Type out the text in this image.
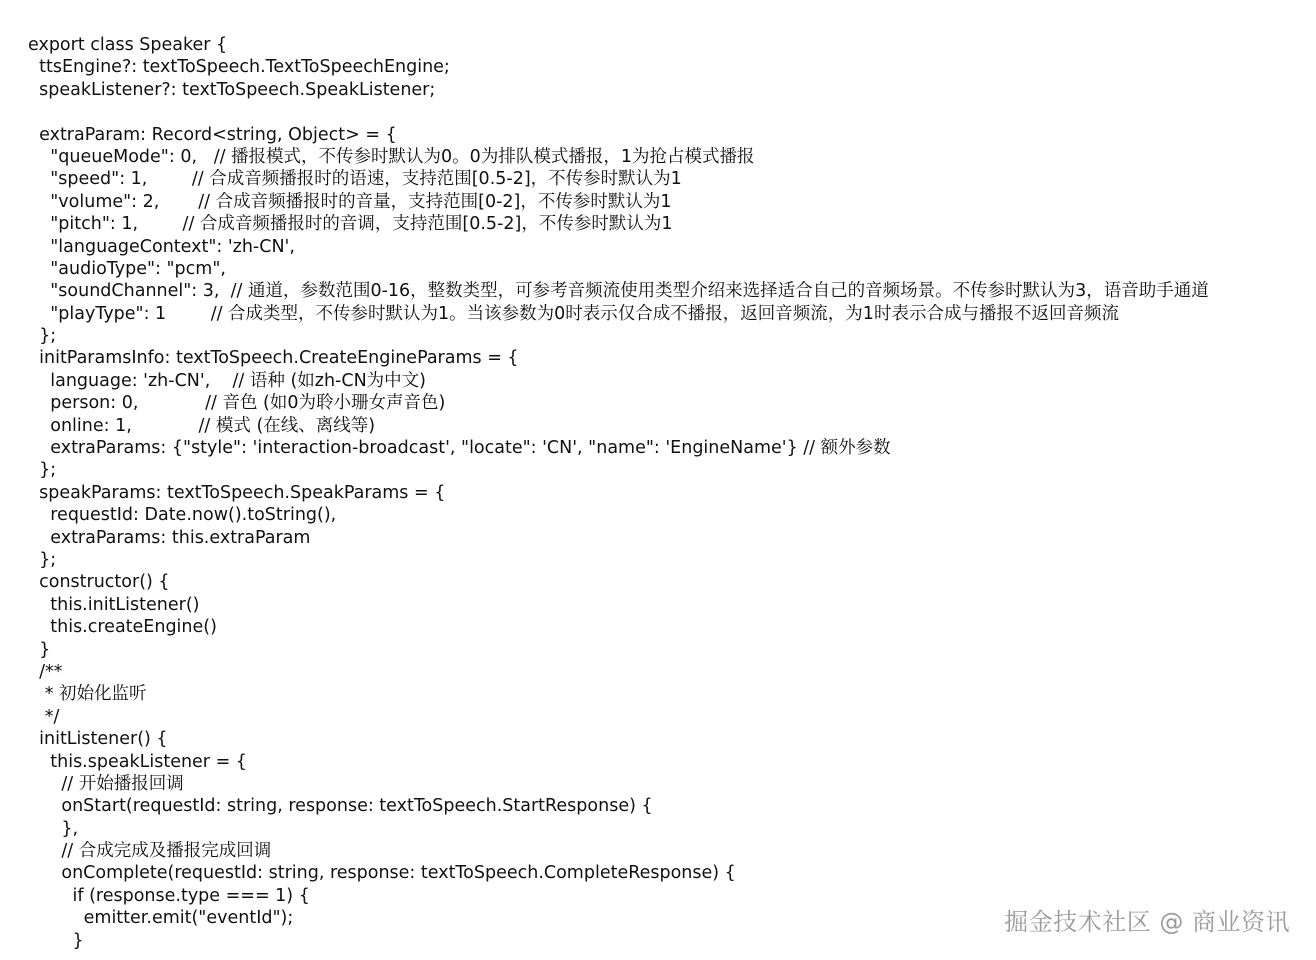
export class Speaker {
ttsEngine?: textToSpeech.TextToSpeechEngine;
speakListener?: textToSpeech.SpeakListener;
extraParam: Record<string, Object> = {
"queueMode": 0,   // 播报模式，不传参时默认为0。0为排队模式播报，1为抢占模式播报
"speed": 1,        // 合成音频播报时的语速，支持范围[0.5-2]，不传参时默认为1
"volume": 2,       // 合成音频播报时的音量，支持范围[0-2]，不传参时默认为1
"pitch": 1,        // 合成音频播报时的音调，支持范围[0.5-2]，不传参时默认为1
"languageContext": 'zh-CN',
"audioType": "pcm",
"soundChannel": 3,  // 通道，参数范围0-16，整数类型，可参考音频流使用类型介绍来选择适合自己的音频场景。不传参时默认为3，语音助手通道
"playType": 1        // 合成类型，不传参时默认为1。当该参数为0时表示仅合成不播报，返回音频流，为1时表示合成与播报不返回音频流
};
initParamsInfo: textToSpeech.CreateEngineParams = {
language: 'zh-CN',    // 语种 (如zh-CN为中文)
person: 0,            // 音色 (如0为聆小珊女声音色)
online: 1,            // 模式 (在线、离线等)
extraParams: {"style": 'interaction-broadcast', "locate": 'CN', "name": 'EngineName'} // 额外参数
};
speakParams: textToSpeech.SpeakParams = {
requestId: Date.now().toString(),
extraParams: this.extraParam
};
constructor() {
this.initListener()
this.createEngine()
}
/**
* 初始化监听
*/
initListener() {
this.speakListener = {
// 开始播报回调
onStart(requestId: string, response: textToSpeech.StartResponse) {
},
// 合成完成及播报完成回调
onComplete(requestId: string, response: textToSpeech.CompleteResponse) {
if (response.type === 1) {
emitter.emit("eventId");
}
掘金技术社区 @ 商业资讯
